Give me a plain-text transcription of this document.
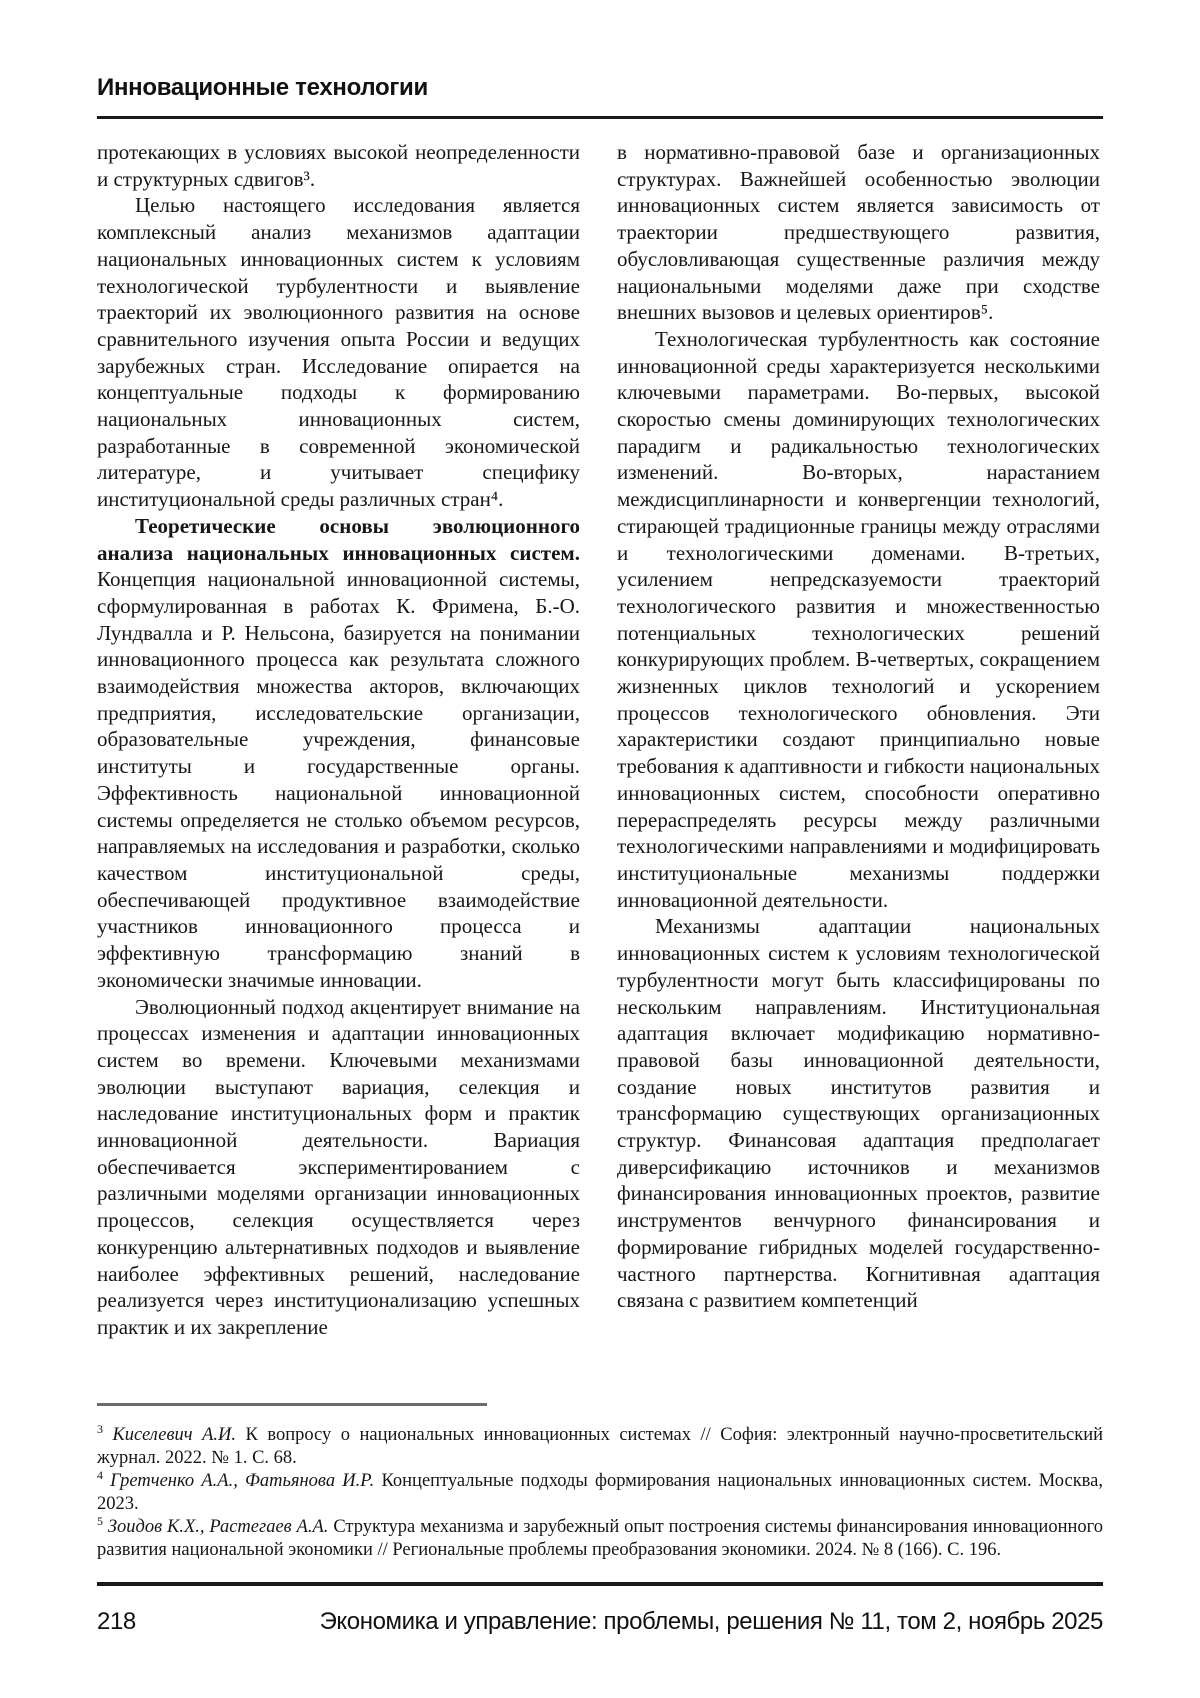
Инновационные технологии

протекающих в условиях высокой неопределенности и структурных сдвигов³.

Целью настоящего исследования является комплексный анализ механизмов адаптации национальных инновационных систем к условиям технологической турбулентности и выявление траекторий их эволюционного развития на основе сравнительного изучения опыта России и ведущих зарубежных стран. Исследование опирается на концептуальные подходы к формированию национальных инновационных систем, разработанные в современной экономической литературе, и учитывает специфику институциональной среды различных стран⁴.

Теоретические основы эволюционного анализа национальных инновационных систем. Концепция национальной инновационной системы, сформулированная в работах К. Фримена, Б.-О. Лундвалла и Р. Нельсона, базируется на понимании инновационного процесса как результата сложного взаимодействия множества акторов, включающих предприятия, исследовательские организации, образовательные учреждения, финансовые институты и государственные органы. Эффективность национальной инновационной системы определяется не столько объемом ресурсов, направляемых на исследования и разработки, сколько качеством институциональной среды, обеспечивающей продуктивное взаимодействие участников инновационного процесса и эффективную трансформацию знаний в экономически значимые инновации.

Эволюционный подход акцентирует внимание на процессах изменения и адаптации инновационных систем во времени. Ключевыми механизмами эволюции выступают вариация, селекция и наследование институциональных форм и практик инновационной деятельности. Вариация обеспечивается экспериментированием с различными моделями организации инновационных процессов, селекция осуществляется через конкуренцию альтернативных подходов и выявление наиболее эффективных решений, наследование реализуется через институционализацию успешных практик и их закрепление

в нормативно-правовой базе и организационных структурах. Важнейшей особенностью эволюции инновационных систем является зависимость от траектории предшествующего развития, обусловливающая существенные различия между национальными моделями даже при сходстве внешних вызовов и целевых ориентиров⁵.

Технологическая турбулентность как состояние инновационной среды характеризуется несколькими ключевыми параметрами. Во-первых, высокой скоростью смены доминирующих технологических парадигм и радикальностью технологических изменений. Во-вторых, нарастанием междисциплинарности и конвергенции технологий, стирающей традиционные границы между отраслями и технологическими доменами. В-третьих, усилением непредсказуемости траекторий технологического развития и множественностью потенциальных технологических решений конкурирующих проблем. В-четвертых, сокращением жизненных циклов технологий и ускорением процессов технологического обновления. Эти характеристики создают принципиально новые требования к адаптивности и гибкости национальных инновационных систем, способности оперативно перераспределять ресурсы между различными технологическими направлениями и модифицировать институциональные механизмы поддержки инновационной деятельности.

Механизмы адаптации национальных инновационных систем к условиям технологической турбулентности могут быть классифицированы по нескольким направлениям. Институциональная адаптация включает модификацию нормативно-правовой базы инновационной деятельности, создание новых институтов развития и трансформацию существующих организационных структур. Финансовая адаптация предполагает диверсификацию источников и механизмов финансирования инновационных проектов, развитие инструментов венчурного финансирования и формирование гибридных моделей государственно-частного партнерства. Когнитивная адаптация связана с развитием компетенций

$^3$ Киселевич А.И. К вопросу о национальных инновационных системах // София: электронный научно-просветительский журнал. 2022. № 1. С. 68.

$^4$ Гретченко А.А., Фатьянова И.Р. Концептуальные подходы формирования национальных инновационных систем. Москва, 2023.

$^5$ Зоидов К.Х., Растегаев А.А. Структура механизма и зарубежный опыт построения системы финансирования инновационного развития национальной экономики // Региональные проблемы преобразования экономики. 2024. № 8 (166). С. 196.

218	Экономика и управление: проблемы, решения № 11, том 2, ноябрь 2025
